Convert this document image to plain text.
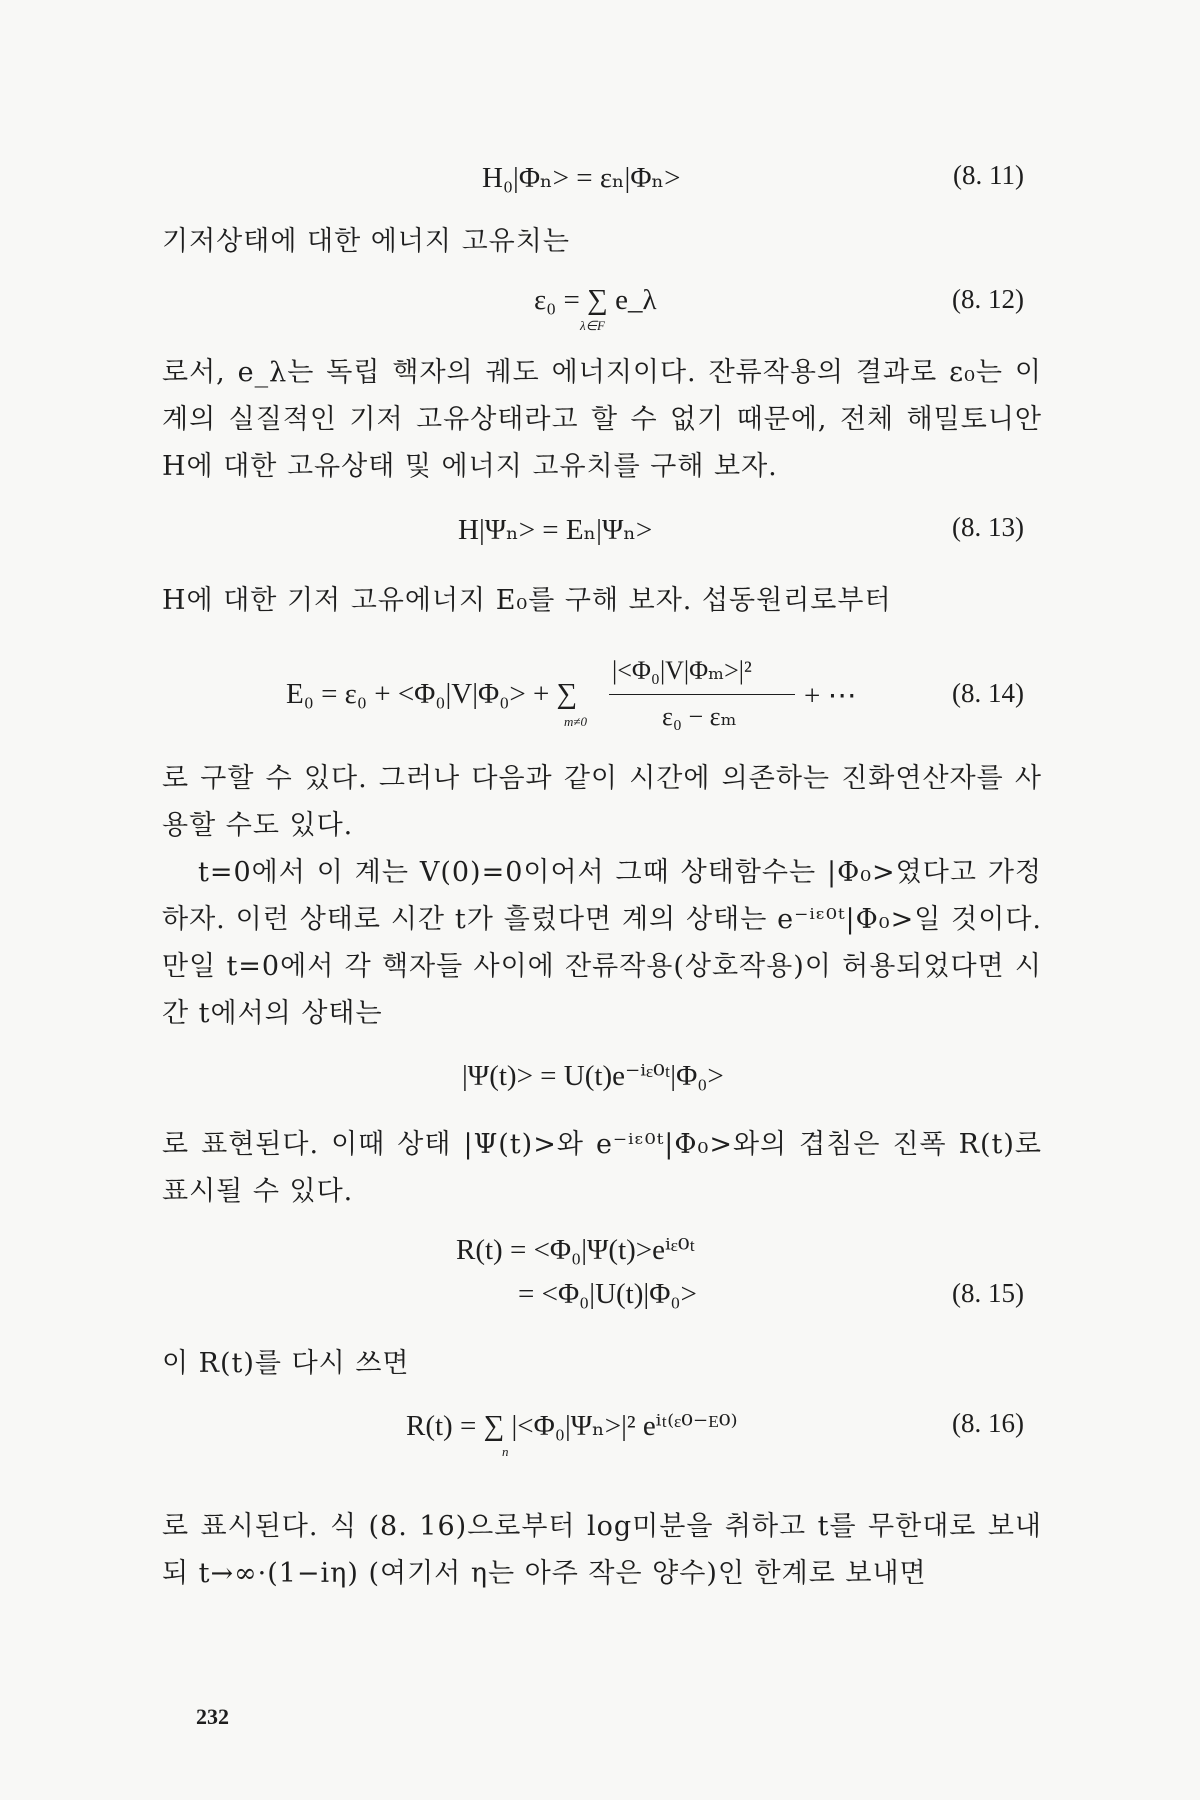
H₀|Φₙ> = εₙ|Φₙ>	(8. 11)
기저상태에 대한 에너지 고유치는
ε₀ = ∑ e_λ
λ∈F
(8. 12)
로서, e_λ는 독립 핵자의 궤도 에너지이다. 잔류작용의 결과로 ε₀는 이 계의 실질적인 기저 고유상태라고 할 수 없기 때문에, 전체 해밀토니안 H에 대한 고유상태 및 에너지 고유치를 구해 보자.
H|Ψₙ> = Eₙ|Ψₙ>	(8. 13)
H에 대한 기저 고유에너지 E₀를 구해 보자. 섭동원리로부터
E₀ = ε₀ + <Φ₀|V|Φ₀> + ∑
m≠0
|<Φ₀|V|Φₘ>|²
ε₀ − εₘ
+ ⋯	(8. 14)
로 구할 수 있다. 그러나 다음과 같이 시간에 의존하는 진화연산자를 사용할 수도 있다.
t=0에서 이 계는 V(0)=0이어서 그때 상태함수는 |Φ₀>였다고 가정하자. 이런 상태로 시간 t가 흘렀다면 계의 상태는 e⁻ⁱᵋ⁰ᵗ|Φ₀>일 것이다. 만일 t=0에서 각 핵자들 사이에 잔류작용(상호작용)이 허용되었다면 시간 t에서의 상태는
|Ψ(t)> = U(t)e⁻ⁱᵋ⁰ᵗ|Φ₀>
로 표현된다. 이때 상태 |Ψ(t)>와 e⁻ⁱᵋ⁰ᵗ|Φ₀>와의 겹침은 진폭 R(t)로 표시될 수 있다.
R(t) = <Φ₀|Ψ(t)>eⁱᵋ⁰ᵗ
= <Φ₀|U(t)|Φ₀>	(8. 15)
이 R(t)를 다시 쓰면
R(t) = ∑ |<Φ₀|Ψₙ>|² eⁱᵗ⁽ᵋ⁰⁻ᴱ⁰⁾
n
(8. 16)
로 표시된다. 식 (8. 16)으로부터 log미분을 취하고 t를 무한대로 보내되 t→∞·(1−iη) (여기서 η는 아주 작은 양수)인 한계로 보내면
232
